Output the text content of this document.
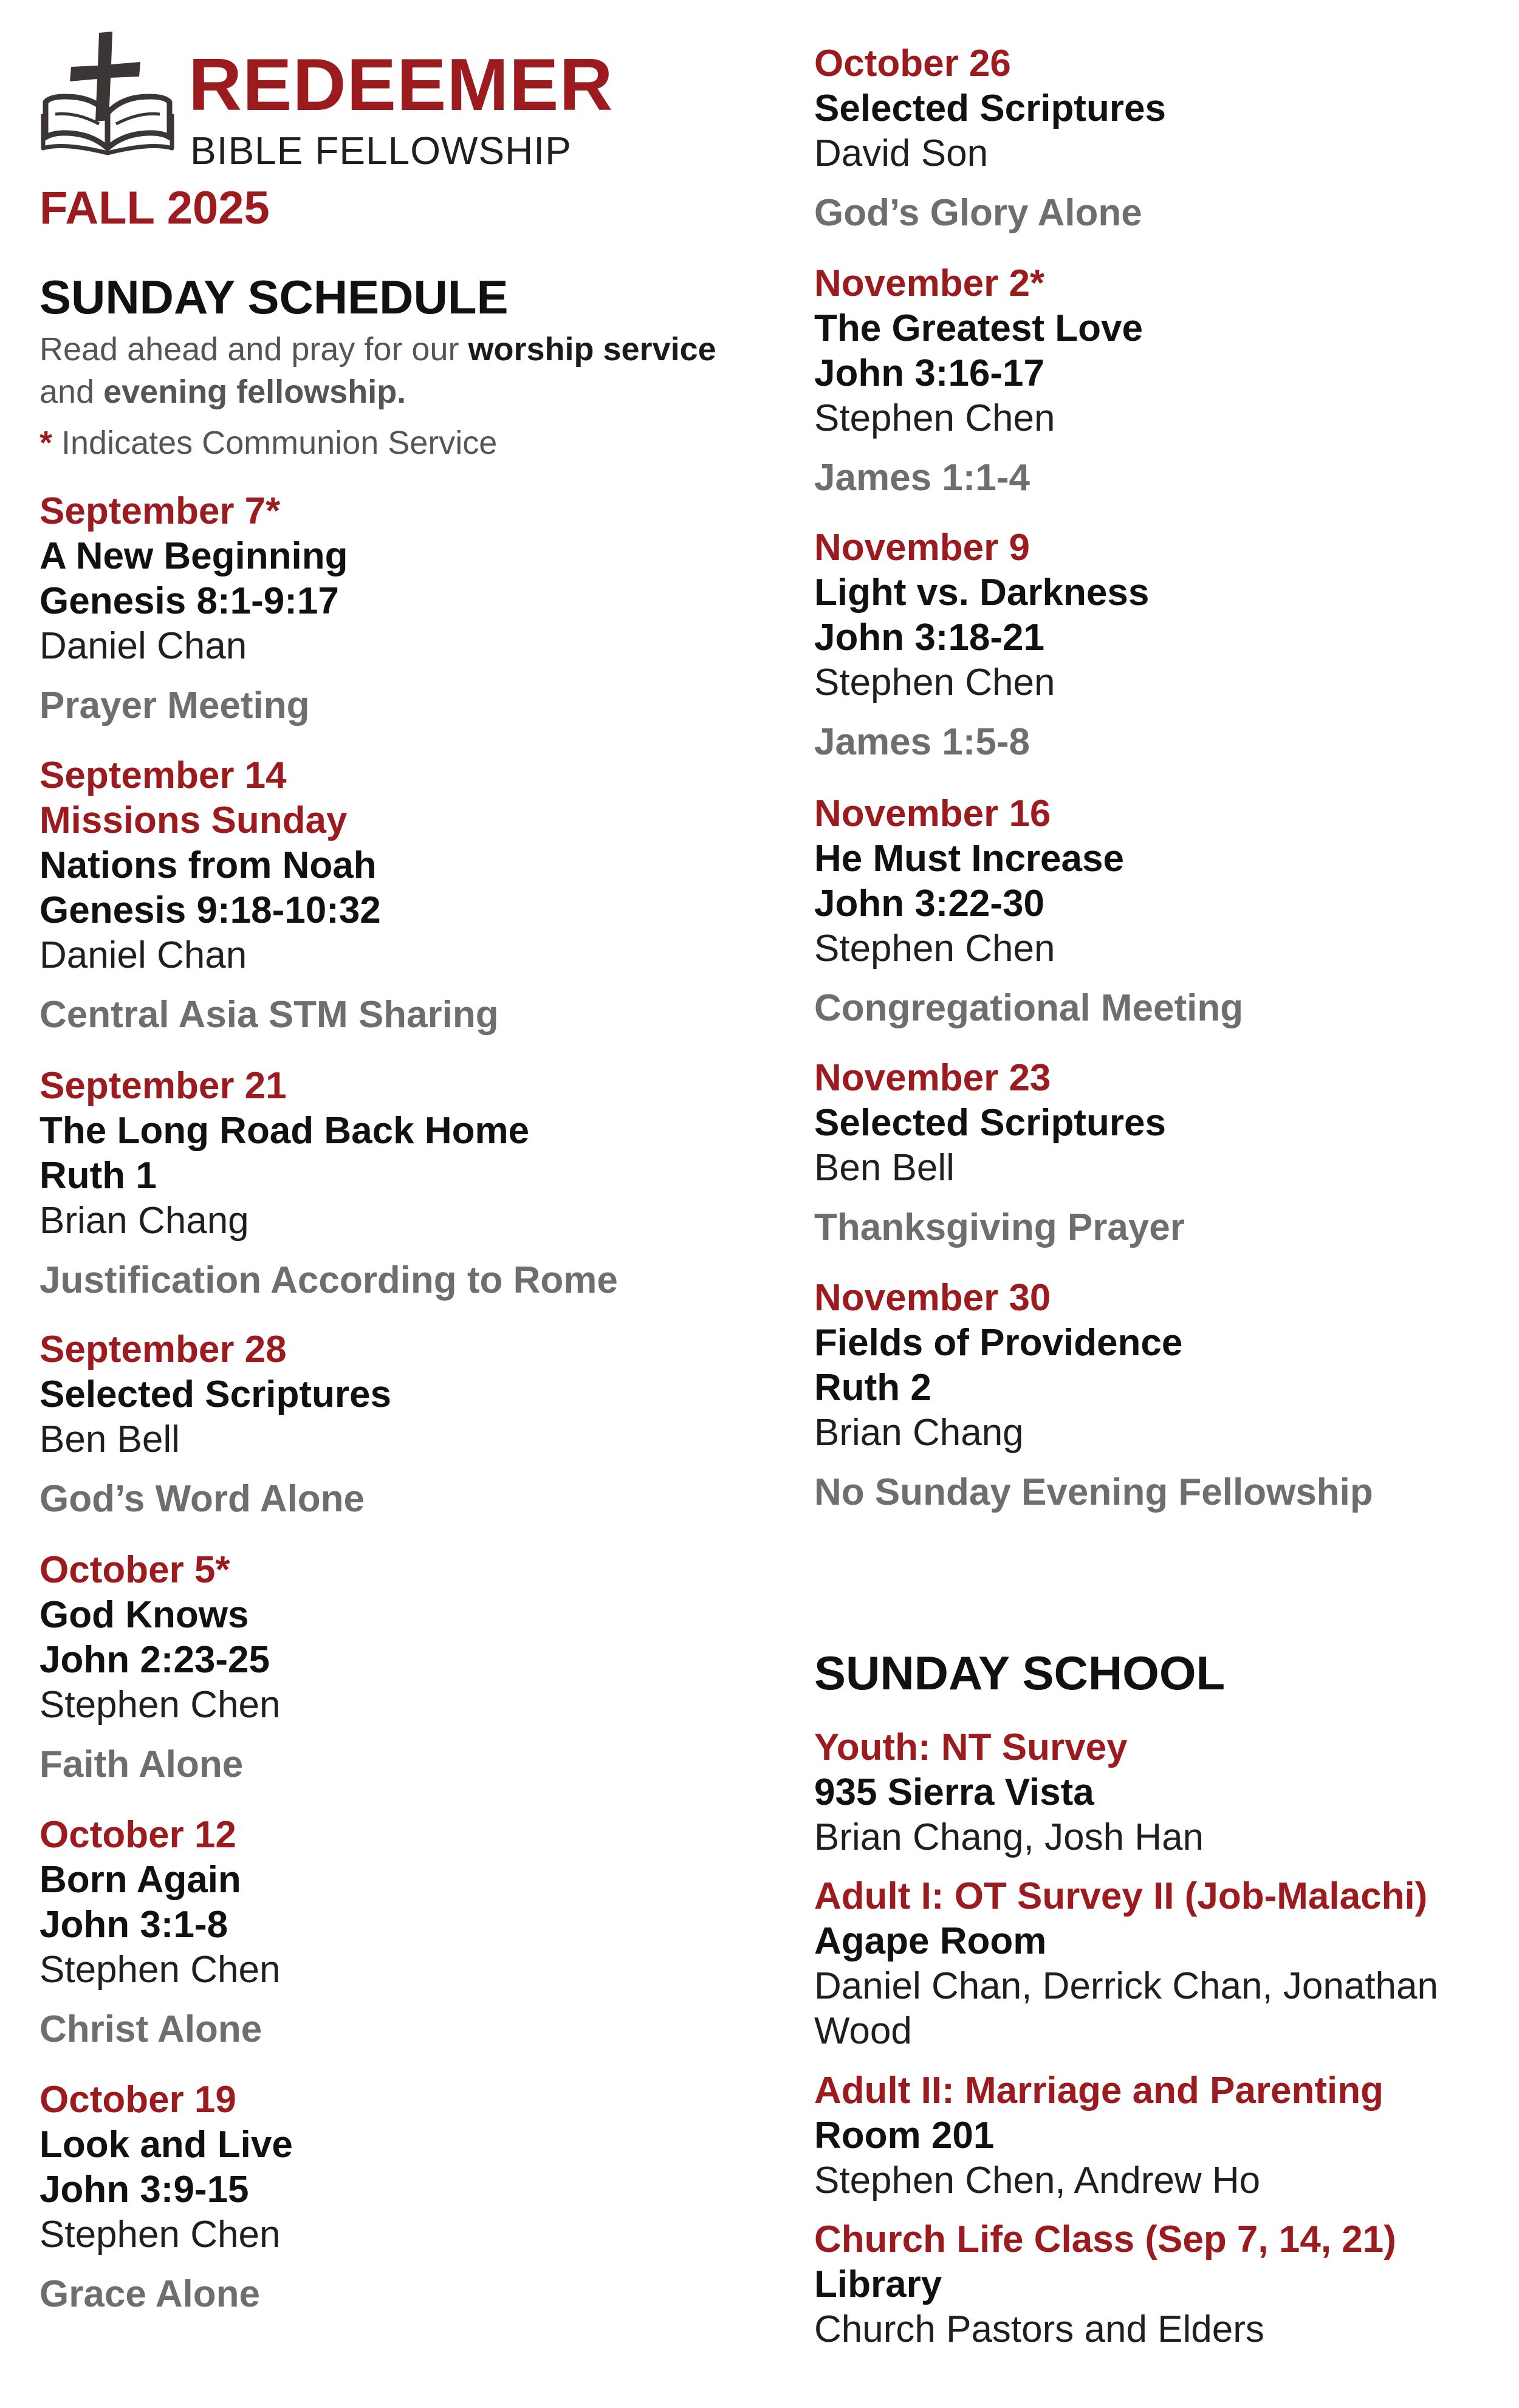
REDEEMER

BIBLE FELLOWSHIP

FALL 2025
SUNDAY SCHEDULE

Read ahead and pray for our worship service and evening fellowship.

* Indicates Communion Service

September 7*
A New Beginning
Genesis 8:1-9:17
Daniel Chan
Prayer Meeting
September 14
Missions Sunday
Nations from Noah
Genesis 9:18-10:32
Daniel Chan
Central Asia STM Sharing
September 21
The Long Road Back Home
Ruth 1
Brian Chang
Justification According to Rome
September 28
Selected Scriptures
Ben Bell
God’s Word Alone
October 5*
God Knows
John 2:23-25
Stephen Chen
Faith Alone
October 12
Born Again
John 3:1-8
Stephen Chen
Christ Alone
October 19
Look and Live
John 3:9-15
Stephen Chen
Grace Alone
October 26
Selected Scriptures
David Son
God’s Glory Alone
November 2*
The Greatest Love
John 3:16-17
Stephen Chen
James 1:1-4
November 9
Light vs. Darkness
John 3:18-21
Stephen Chen
James 1:5-8
November 16
He Must Increase
John 3:22-30
Stephen Chen
Congregational Meeting
November 23
Selected Scriptures
Ben Bell
Thanksgiving Prayer
November 30
Fields of Providence
Ruth 2
Brian Chang
No Sunday Evening Fellowship
SUNDAY SCHOOL
Youth: NT Survey
935 Sierra Vista
Brian Chang, Josh Han
Adult I: OT Survey II (Job-Malachi)
Agape Room
Daniel Chan, Derrick Chan, Jonathan Wood
Adult II: Marriage and Parenting
Room 201
Stephen Chen, Andrew Ho
Church Life Class (Sep 7, 14, 21)
Library
Church Pastors and Elders
